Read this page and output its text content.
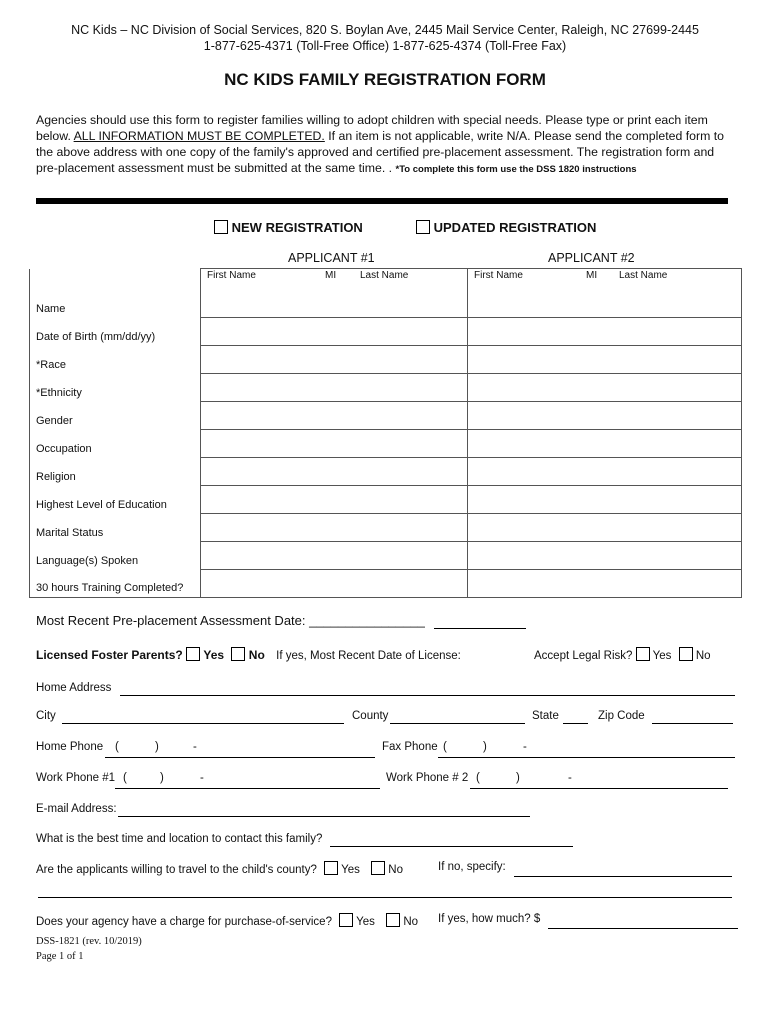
NC Kids – NC Division of Social Services, 820 S. Boylan Ave, 2445 Mail Service Center, Raleigh, NC 27699-2445
1-877-625-4371 (Toll-Free Office) 1-877-625-4374 (Toll-Free Fax)
NC KIDS FAMILY REGISTRATION FORM
Agencies should use this form to register families willing to adopt children with special needs. Please type or print each item below. ALL INFORMATION MUST BE COMPLETED. If an item is not applicable, write N/A. Please send the completed form to the above address with one copy of the family's approved and certified pre-placement assessment. The registration form and pre-placement assessment must be submitted at the same time. . *To complete this form use the DSS 1820 instructions
NEW REGISTRATION	UPDATED REGISTRATION
APPLICANT #1	APPLICANT #2
Name	First Name MI Last Name	First Name MI Last Name

Date of Birth (mm/dd/yy)		
*Race		
*Ethnicity		
Gender		
Occupation		
Religion		
Highest Level of Education		
Marital Status		
Language(s) Spoken		
30 hours Training Completed?		
Most Recent Pre-placement Assessment Date: ________________
Licensed Foster Parents? Yes No If yes, Most Recent Date of License:	Accept Legal Risk? Yes No
Home Address
City	County	State	Zip Code
Home Phone (	)	-	Fax Phone (	)	-
Work Phone #1 (	)	-	Work Phone # 2 (	)	-
E-mail Address:
What is the best time and location to contact this family?
Are the applicants willing to travel to the child's county? Yes No	If no, specify:
Does your agency have a charge for purchase-of-service? Yes No If yes, how much? $
DSS-1821 (rev. 10/2019)
Page 1 of 1
